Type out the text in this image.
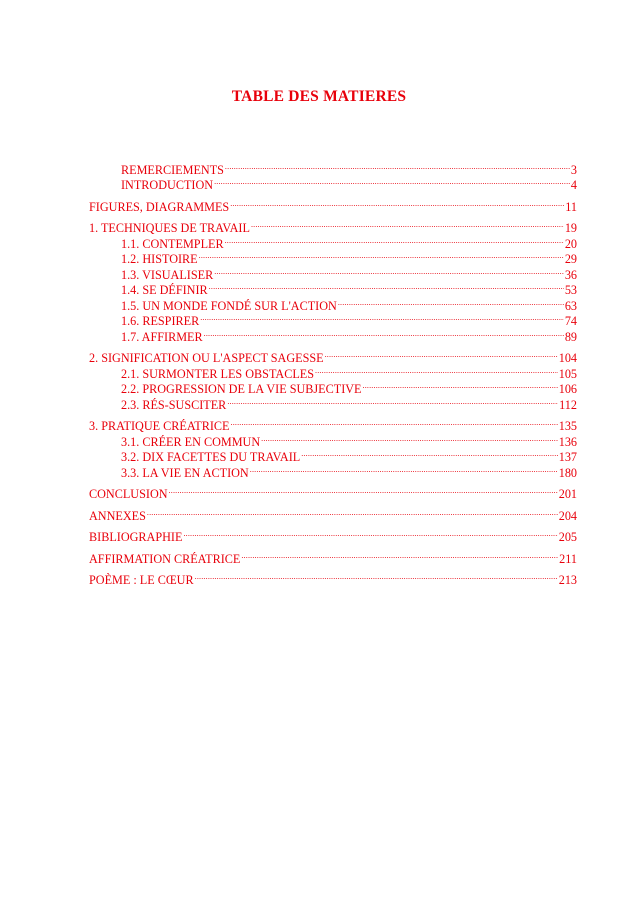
TABLE DES MATIERES
REMERCIEMENTS .....	3
INTRODUCTION .....	4
FIGURES, DIAGRAMMES .....	11
1. TECHNIQUES DE TRAVAIL .....	19
1.1. CONTEMPLER .....	20
1.2. HISTOIRE .....	29
1.3. VISUALISER .....	36
1.4. SE DÉFINIR .....	53
1.5. UN MONDE FONDÉ SUR L'ACTION .....	63
1.6. RESPIRER .....	74
1.7. AFFIRMER .....	89
2. SIGNIFICATION OU L'ASPECT SAGESSE .....	104
2.1. SURMONTER LES OBSTACLES .....	105
2.2. PROGRESSION DE LA VIE SUBJECTIVE .....	106
2.3. RÉS-SUSCITER .....	112
3. PRATIQUE CRÉATRICE .....	135
3.1. CRÉER EN COMMUN .....	136
3.2. DIX FACETTES DU TRAVAIL .....	137
3.3. LA VIE EN ACTION .....	180
CONCLUSION .....	201
ANNEXES .....	204
BIBLIOGRAPHIE .....	205
AFFIRMATION CRÉATRICE .....	211
POÈME : LE CŒUR .....	213
